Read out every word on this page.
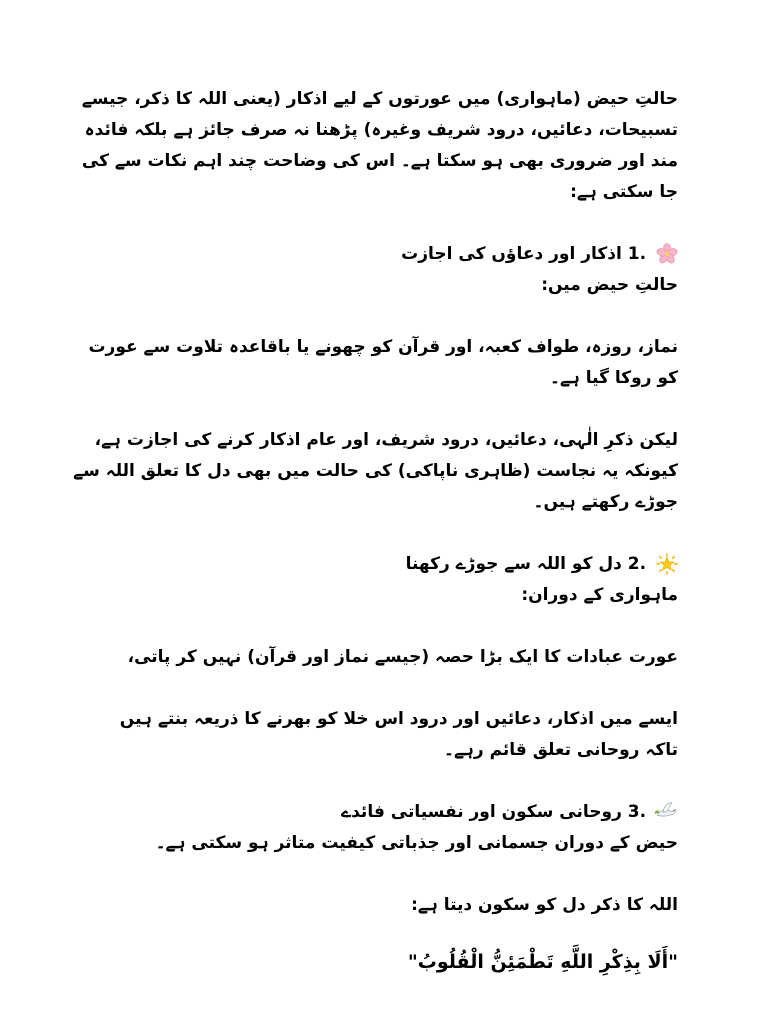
حالتِ حیض (ماہواری) میں عورتوں کے لیے اذکار (یعنی اللہ کا ذکر، جیسے
تسبیحات، دعائیں، درود شریف وغیرہ) پڑھنا نہ صرف جائز ہے بلکہ فائدہ
مند اور ضروری بھی ہو سکتا ہے۔ اس کی وضاحت چند اہم نکات سے کی
جا سکتی ہے:

1. اذکار اور دعاؤں کی اجازت

حالتِ حیض میں:

نماز، روزہ، طواف کعبہ، اور قرآن کو چھونے یا باقاعدہ تلاوت سے عورت
کو روکا گیا ہے۔

لیکن ذکرِ الٰہی، دعائیں، درود شریف، اور عام اذکار کرنے کی اجازت ہے،
کیونکہ یہ نجاست (ظاہری ناپاکی) کی حالت میں بھی دل کا تعلق اللہ سے
جوڑے رکھتے ہیں۔

2. دل کو اللہ سے جوڑے رکھنا

ماہواری کے دوران:

عورت عبادات کا ایک بڑا حصہ (جیسے نماز اور قرآن) نہیں کر پاتی،

ایسے میں اذکار، دعائیں اور درود اس خلا کو بھرنے کا ذریعہ بنتے ہیں
تاکہ روحانی تعلق قائم رہے۔

3. روحانی سکون اور نفسیاتی فائدے

حیض کے دوران جسمانی اور جذباتی کیفیت متاثر ہو سکتی ہے۔

اللہ کا ذکر دل کو سکون دیتا ہے:

"أَلَا بِذِكْرِ اللَّهِ تَطْمَئِنُّ الْقُلُوبُ"
